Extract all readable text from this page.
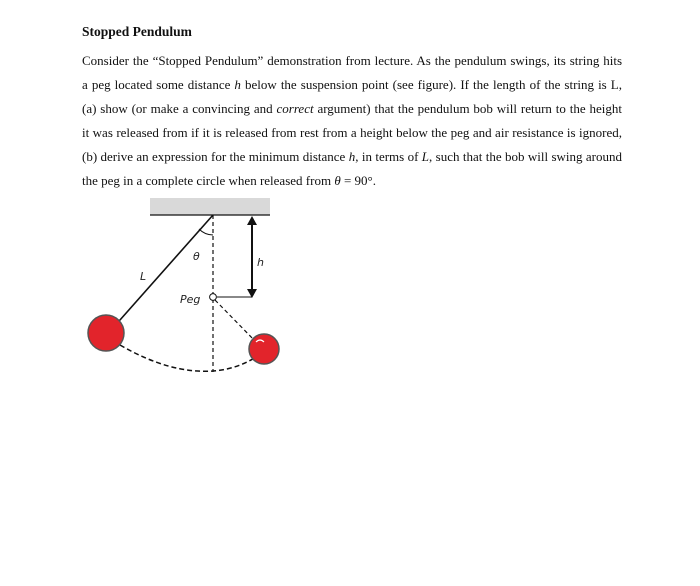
Stopped Pendulum

Consider the “Stopped Pendulum” demonstration from lecture. As the pendulum swings, its string hits a peg located some distance h below the suspension point (see figure). If the length of the string is L, (a) show (or make a convincing and correct argument) that the pendulum bob will return to the height it was released from if it is released from rest from a height below the peg and air resistance is ignored, (b) derive an expression for the minimum distance h, in terms of L, such that the bob will swing around the peg in a complete circle when released from θ = 90°.

θ	h
L
Peg
